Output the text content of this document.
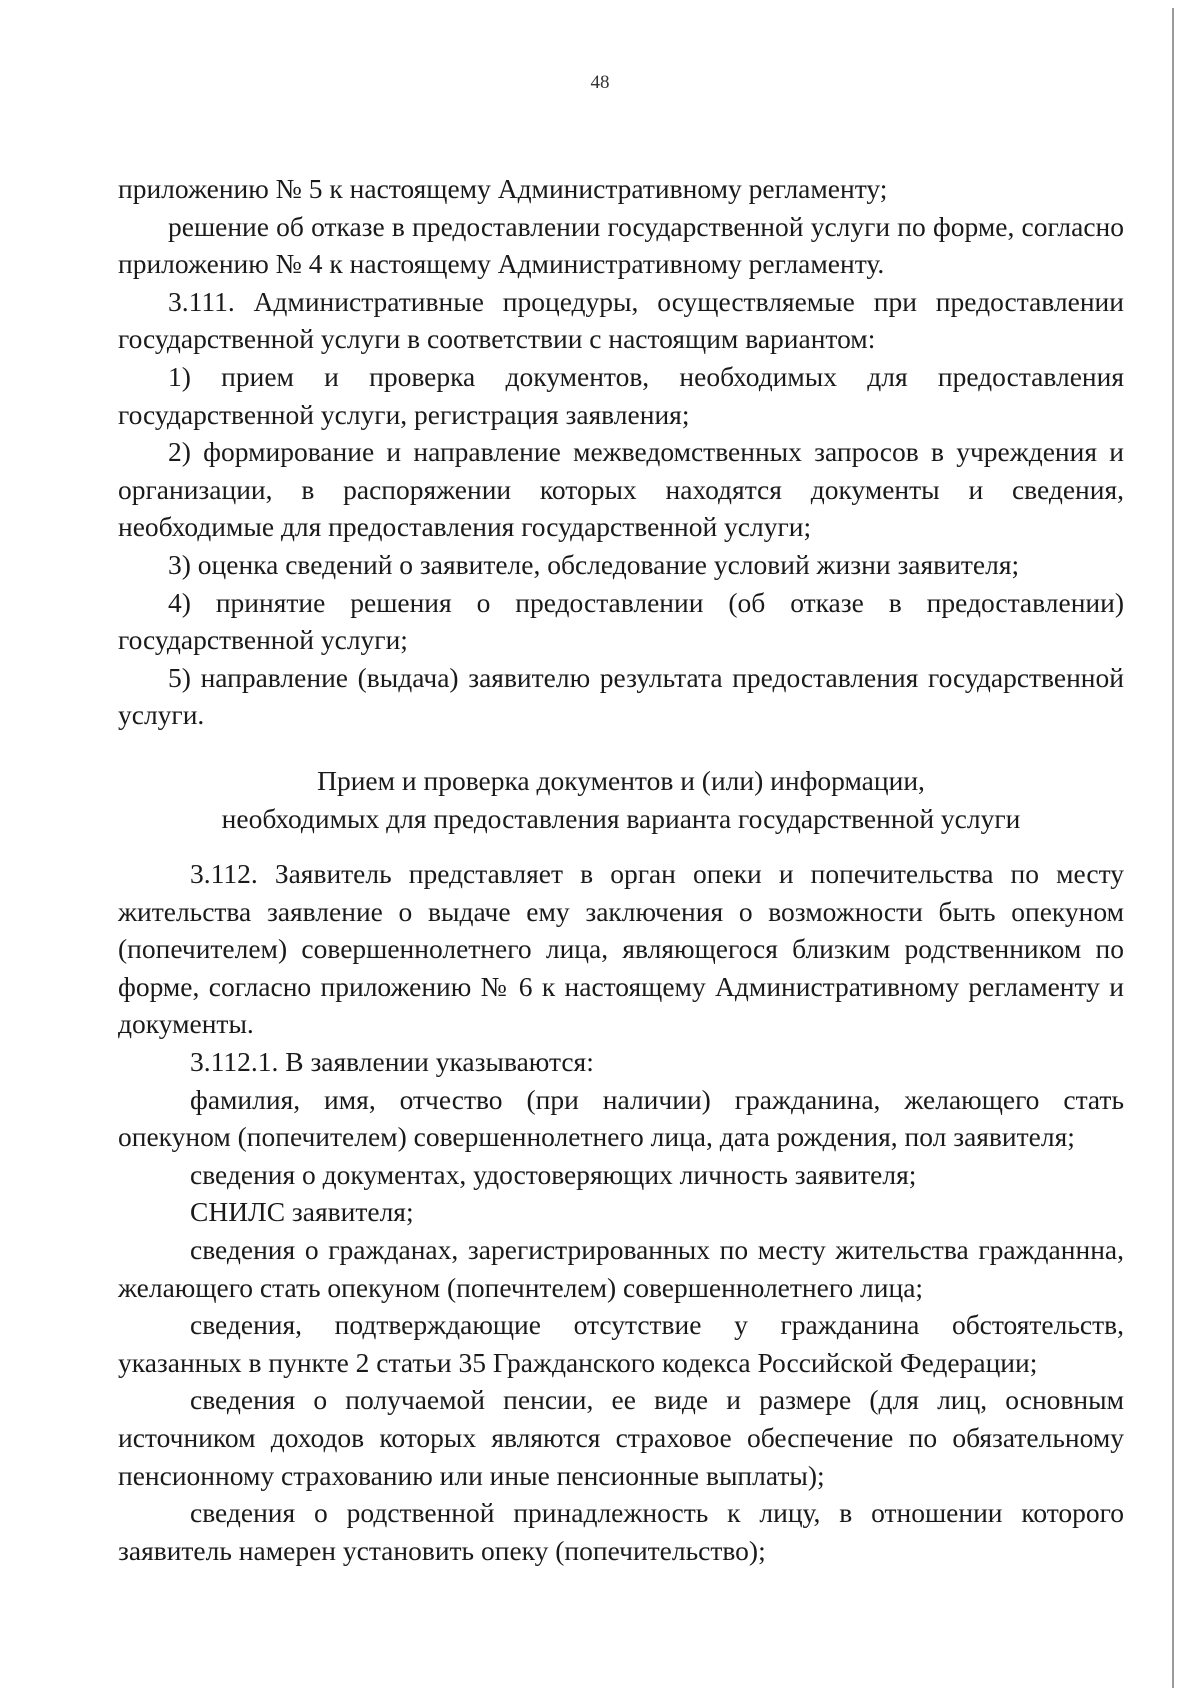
48

приложению № 5 к настоящему Административному регламенту;

решение об отказе в предоставлении государственной услуги по форме, согласно приложению № 4 к настоящему Административному регламенту.

3.111. Административные процедуры, осуществляемые при предоставлении государственной услуги в соответствии с настоящим вариантом:

1) прием и проверка документов, необходимых для предоставления государственной услуги, регистрация заявления;

2) формирование и направление межведомственных запросов в учреждения и организации, в распоряжении которых находятся документы и сведения, необходимые для предоставления государственной услуги;

3) оценка сведений о заявителе, обследование условий жизни заявителя;

4) принятие решения о предоставлении (об отказе в предоставлении) государственной услуги;

5) направление (выдача) заявителю результата предоставления государственной услуги.

Прием и проверка документов и (или) информации,
необходимых для предоставления варианта государственной услуги

3.112. Заявитель представляет в орган опеки и попечительства по месту жительства заявление о выдаче ему заключения о возможности быть опекуном (попечителем) совершеннолетнего лица, являющегося близким родственником по форме, согласно приложению № 6 к настоящему Административному регламенту и документы.

3.112.1. В заявлении указываются:

фамилия, имя, отчество (при наличии) гражданина, желающего стать опекуном (попечителем) совершеннолетнего лица, дата рождения, пол заявителя;

сведения о документах, удостоверяющих личность заявителя;

СНИЛС заявителя;

сведения о гражданах, зарегистрированных по месту жительства гражданнна, желающего стать опекуном (попечнтелем) совершеннолетнего лица;

сведения, подтверждающие отсутствие у гражданина обстоятельств, указанных в пункте 2 статьи 35 Гражданского кодекса Российской Федерации;

сведения о получаемой пенсии, ее виде и размере (для лиц, основным источником доходов которых являются страховое обеспечение по обязательному пенсионному страхованию или иные пенсионные выплаты);

сведения о родственной принадлежность к лицу, в отношении которого заявитель намерен установить опеку (попечительство);
